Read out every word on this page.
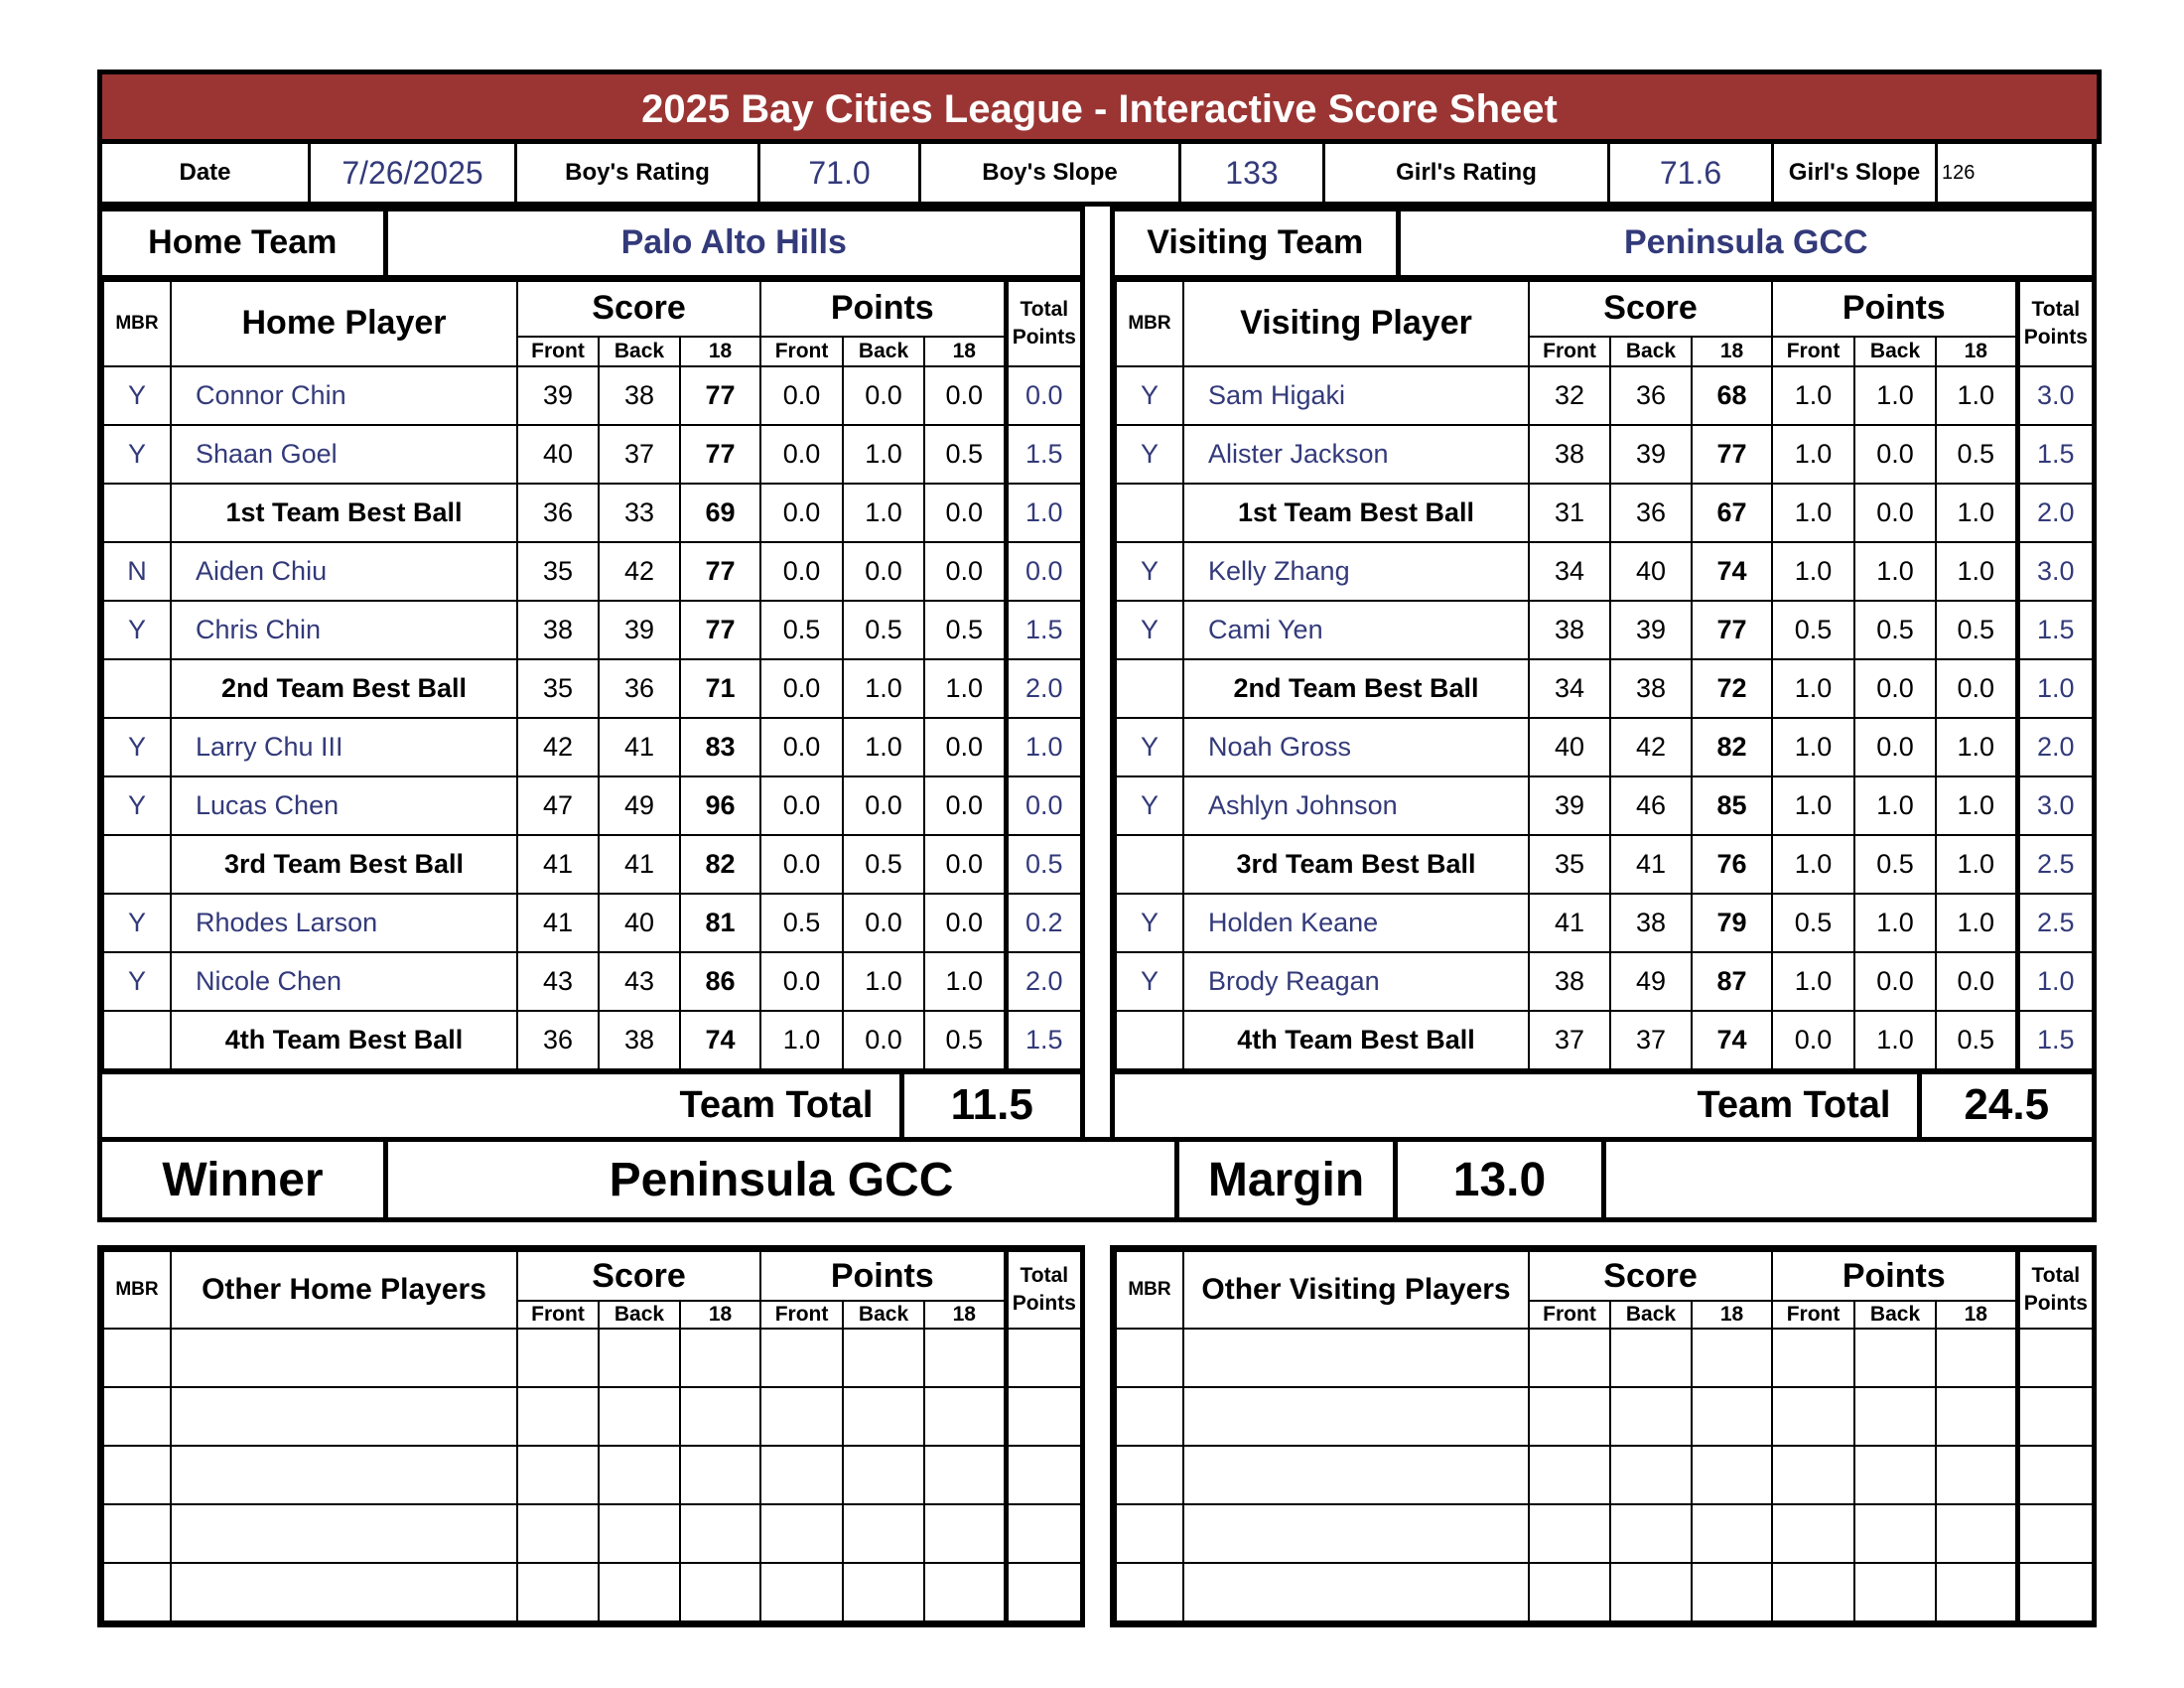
2025 Bay Cities League - Interactive Score Sheet
Date	7/26/2025	Boy's Rating	71.0	Boy's Slope	133	Girl's Rating	71.6	Girl's Slope	126
Home Team	Palo Alto Hills
MBR	Home Player	Score			Points			Total
Points
		Front	Back	18	Front	Back	18	
Y	Connor Chin	39	38	77	0.0	0.0	0.0	0.0
Y	Shaan Goel	40	37	77	0.0	1.0	0.5	1.5
	1st Team Best Ball	36	33	69	0.0	1.0	0.0	1.0
N	Aiden Chiu	35	42	77	0.0	0.0	0.0	0.0
Y	Chris Chin	38	39	77	0.5	0.5	0.5	1.5
	2nd Team Best Ball	35	36	71	0.0	1.0	1.0	2.0
Y	Larry Chu III	42	41	83	0.0	1.0	0.0	1.0
Y	Lucas Chen	47	49	96	0.0	0.0	0.0	0.0
	3rd Team Best Ball	41	41	82	0.0	0.5	0.0	0.5
Y	Rhodes Larson	41	40	81	0.5	0.0	0.0	0.2
Y	Nicole Chen	43	43	86	0.0	1.0	1.0	2.0
	4th Team Best Ball	36	38	74	1.0	0.0	0.5	1.5
Team Total	11.5
Visiting Team	Peninsula GCC
MBR	Visiting Player	Score			Points			Total
Points
		Front	Back	18	Front	Back	18	
Y	Sam Higaki	32	36	68	1.0	1.0	1.0	3.0
Y	Alister Jackson	38	39	77	1.0	0.0	0.5	1.5
	1st Team Best Ball	31	36	67	1.0	0.0	1.0	2.0
Y	Kelly Zhang	34	40	74	1.0	1.0	1.0	3.0
Y	Cami Yen	38	39	77	0.5	0.5	0.5	1.5
	2nd Team Best Ball	34	38	72	1.0	0.0	0.0	1.0
Y	Noah Gross	40	42	82	1.0	0.0	1.0	2.0
Y	Ashlyn Johnson	39	46	85	1.0	1.0	1.0	3.0
	3rd Team Best Ball	35	41	76	1.0	0.5	1.0	2.5
Y	Holden Keane	41	38	79	0.5	1.0	1.0	2.5
Y	Brody Reagan	38	49	87	1.0	0.0	0.0	1.0
	4th Team Best Ball	37	37	74	0.0	1.0	0.5	1.5
Team Total	24.5
Winner	Peninsula GCC	Margin	13.0
MBR	Other Home Players	Score			Points			Total
Points
		Front	Back	18	Front	Back	18	

MBR	Other Visiting Players	Score			Points			Total
Points
		Front	Back	18	Front	Back	18	
